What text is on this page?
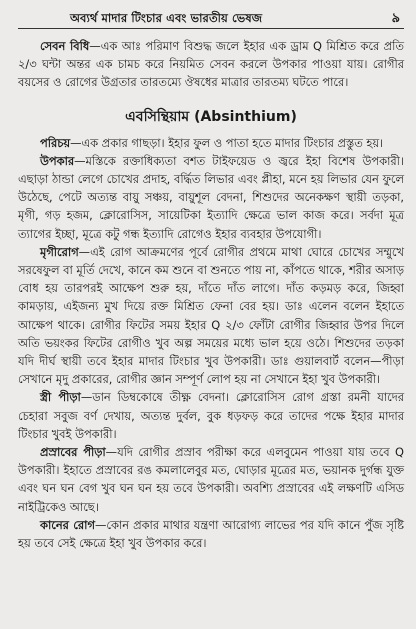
অব্যর্থ মাদার টিংচার এবং ভারতীয় ভেষজ	৯

সেবন বিধি—এক আঃ পরিমাণ বিশুদ্ধ জলে ইহার এক ড্রাম Q মিশ্রিত করে প্রতি ২/৩ ঘন্টা অন্তর এক চামচ করে নিয়মিত সেবন করলে উপকার পাওয়া যায়। রোগীর বয়সের ও রোগের উগ্রতার তারতম্যে ঔষধের মাত্রার তারতম্য ঘটতে পারে।

এবসিন্থিয়াম (Absinthium)

পরিচয়—এক প্রকার গাছড়া। ইহার ফুল ও পাতা হতে মাদার টিংচার প্রস্তুত হয়।

উপকার—মস্তিকে রক্তাধিক্যতা বশত টাইফয়েড ও জ্বরে ইহা বিশেষ উপকারী। এছাড়া ঠান্ডা লেগে চোখের প্রদাহ, বর্দ্ধিত লিভার এবং প্লীহা, মনে হয় লিভার যেন ফুলে উঠেছে, পেটে অত্যন্ত বায়ু সঞ্চয়, বায়ুশূল বেদনা, শিশুদের অনেকক্ষণ স্থায়ী তড়কা, মৃগী, গড় হজম, ক্লোরোসিস, সায়েটিকা ইত্যাদি ক্ষেত্রে ভাল কাজ করে। সর্বদা মূত্র ত্যাগের ইচ্ছা, মূত্রে কটু গন্ধ ইত্যাদি রোগেও ইহার ব্যবহার উপযোগী।

মৃগীরোগ—এই রোগ আক্রমণের পূর্বে রোগীর প্রথমে মাথা ঘোরে চোখের সম্মুখে সরষেফুল বা মূর্তি দেখে, কানে কম শুনে বা শুনতে পায় না, কাঁপতে থাকে, শরীর অসাড় বোধ হয় তারপরই আক্ষেপ শুরু হয়, দাঁতে দাঁত লাগে। দাঁত কড়মড় করে, জিহ্বা কামড়ায়, এইজন্য মুখ দিয়ে রক্ত মিশ্রিত ফেনা বের হয়। ডাঃ এলেন বলেন ইহাতে আক্ষেপ থাকে। রোগীর ফিটের সময় ইহার Q ২/৩ ফোঁটা রোগীর জিহ্বার উপর দিলে অতি ভয়ংকর ফিটের রোগীও খুব অল্প সময়ের মধ্যে ভাল হয়ে ওঠে। শিশুদের তড়কা যদি দীর্ঘ স্থায়ী তবে ইহার মাদার টিংচার খুব উপকারী। ডাঃ গুয়ালবার্ট বলেন—পীড়া সেখানে মৃদু প্রকারের, রোগীর জ্ঞান সম্পূর্ণ লোপ হয় না সেখানে ইহা খুব উপকারী।

স্ত্রী পীড়া—ডান ডিম্বকোষে তীক্ষ্ণ বেদনা। ক্লোরোসিস রোগ গ্রস্তা রমনী যাদের চেহারা সবুজ বর্ণ দেখায়, অত্যন্ত দুর্বল, বুক ধড়ফড় করে তাদের পক্ষে ইহার মাদার টিংচার খুবই উপকারী।

প্রস্রাবের পীড়া—যদি রোগীর প্রস্রাব পরীক্ষা করে এলবুমেন পাওয়া যায় তবে Q উপকারী। ইহাতে প্রস্রাবের রঙ কমলালেবুর মত, ঘোড়ার মূত্রের মত, ভয়ানক দুর্গন্ধ যুক্ত এবং ঘন ঘন বেগ খুব ঘন ঘন হয় তবে উপকারী। অবশ্যি প্রস্রাবের এই লক্ষণটি এসিড নাইট্রিকেও আছে।

কানের রোগ—কোন প্রকার মাথার যন্ত্রণা আরোগ্য লাভের পর যদি কানে পুঁজ সৃষ্টি হয় তবে সেই ক্ষেত্রে ইহা খুব উপকার করে।
